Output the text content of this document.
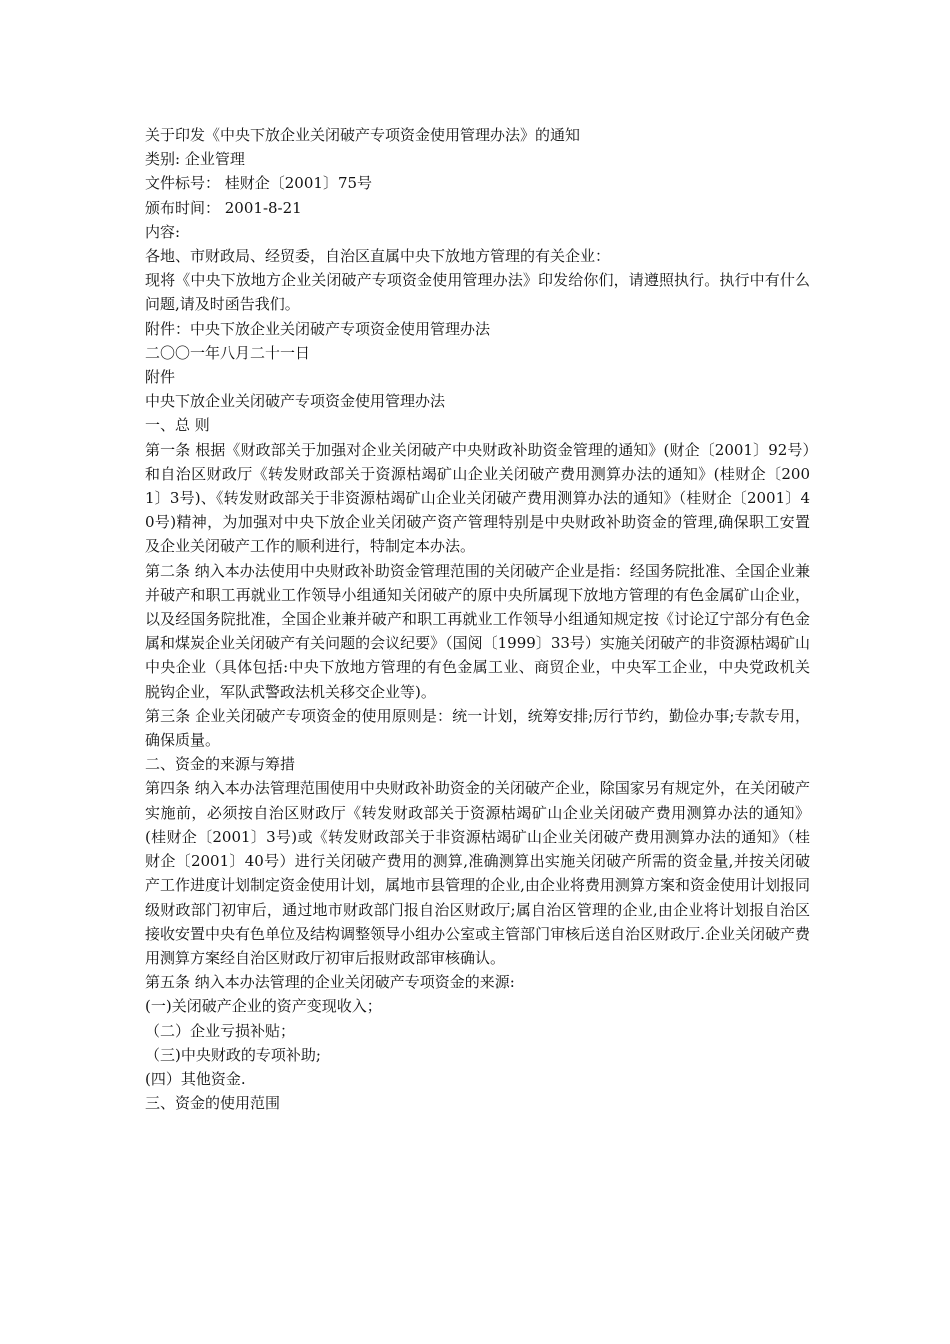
关于印发《中央下放企业关闭破产专项资金使用管理办法》的通知

类别: 企业管理

文件标号： 桂财企〔2001〕75号

颁布时间： 2001-8-21

内容:

各地、市财政局、经贸委，自治区直属中央下放地方管理的有关企业：

现将《中央下放地方企业关闭破产专项资金使用管理办法》印发给你们，请遵照执行。执行中有什么问题,请及时函告我们。

附件：中央下放企业关闭破产专项资金使用管理办法

二〇〇一年八月二十一日

附件

中央下放企业关闭破产专项资金使用管理办法

一、总 则

第一条 根据《财政部关于加强对企业关闭破产中央财政补助资金管理的通知》(财企〔2001〕92号）和自治区财政厅《转发财政部关于资源枯竭矿山企业关闭破产费用测算办法的通知》(桂财企〔2001〕3号)、《转发财政部关于非资源枯竭矿山企业关闭破产费用测算办法的通知》（桂财企〔2001〕40号)精神，为加强对中央下放企业关闭破产资产管理特别是中央财政补助资金的管理,确保职工安置及企业关闭破产工作的顺利进行，特制定本办法。

第二条 纳入本办法使用中央财政补助资金管理范围的关闭破产企业是指：经国务院批准、全国企业兼并破产和职工再就业工作领导小组通知关闭破产的原中央所属现下放地方管理的有色金属矿山企业，以及经国务院批准，全国企业兼并破产和职工再就业工作领导小组通知规定按《讨论辽宁部分有色金属和煤炭企业关闭破产有关问题的会议纪要》（国阅〔1999〕33号）实施关闭破产的非资源枯竭矿山中央企业（具体包括:中央下放地方管理的有色金属工业、商贸企业，中央军工企业，中央党政机关脱钩企业，军队武警政法机关移交企业等)。

第三条 企业关闭破产专项资金的使用原则是：统一计划，统筹安排;厉行节约，勤俭办事;专款专用，确保质量。

二、资金的来源与筹措

第四条 纳入本办法管理范围使用中央财政补助资金的关闭破产企业，除国家另有规定外，在关闭破产实施前，必须按自治区财政厅《转发财政部关于资源枯竭矿山企业关闭破产费用测算办法的通知》(桂财企〔2001〕3号)或《转发财政部关于非资源枯竭矿山企业关闭破产费用测算办法的通知》（桂财企〔2001〕40号）进行关闭破产费用的测算,准确测算出实施关闭破产所需的资金量,并按关闭破产工作进度计划制定资金使用计划，属地市县管理的企业,由企业将费用测算方案和资金使用计划报同级财政部门初审后，通过地市财政部门报自治区财政厅;属自治区管理的企业,由企业将计划报自治区接收安置中央有色单位及结构调整领导小组办公室或主管部门审核后送自治区财政厅.企业关闭破产费用测算方案经自治区财政厅初审后报财政部审核确认。

第五条 纳入本办法管理的企业关闭破产专项资金的来源:

(一)关闭破产企业的资产变现收入；

（二）企业亏损补贴；

（三)中央财政的专项补助;

(四）其他资金.

三、资金的使用范围
